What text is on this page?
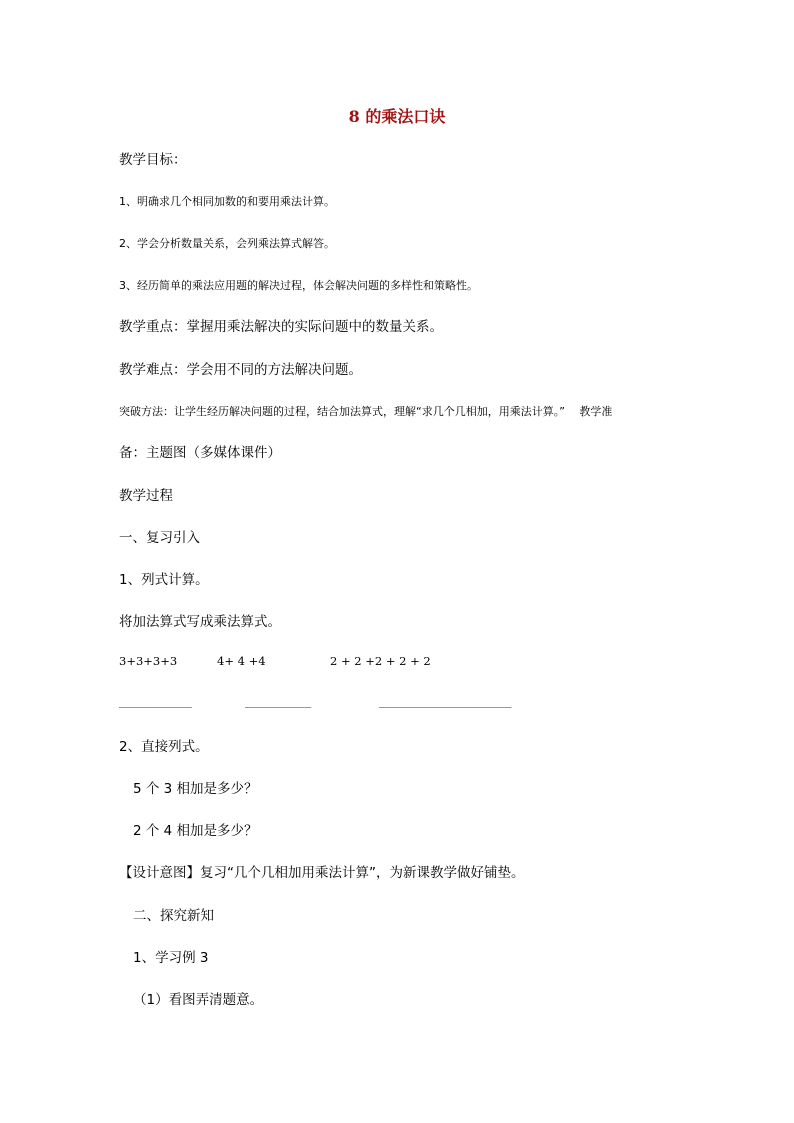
8 的乘法口诀
教学目标：
1、明确求几个相同加数的和要用乘法计算。
2、学会分析数量关系，会列乘法算式解答。
3、经历简单的乘法应用题的解决过程，体会解决问题的多样性和策略性。
教学重点：掌握用乘法解决的实际问题中的数量关系。
教学难点：学会用不同的方法解决问题。
突破方法：让学生经历解决问题的过程，结合加法算式，理解“求几个几相加，用乘法计算。”　 教学准
备：主题图（多媒体课件）
教学过程
一、复习引入
1、列式计算。
将加法算式写成乘法算式。
3+3+3+3	4+ 4 +4	2 + 2 +2 + 2 + 2
___________	__________	____________________
2、直接列式。
5 个 3 相加是多少？
2 个 4 相加是多少？
【设计意图】复习“几个几相加用乘法计算”，为新课教学做好铺垫。
二、探究新知
1、学习例 3
（1）看图弄清题意。
